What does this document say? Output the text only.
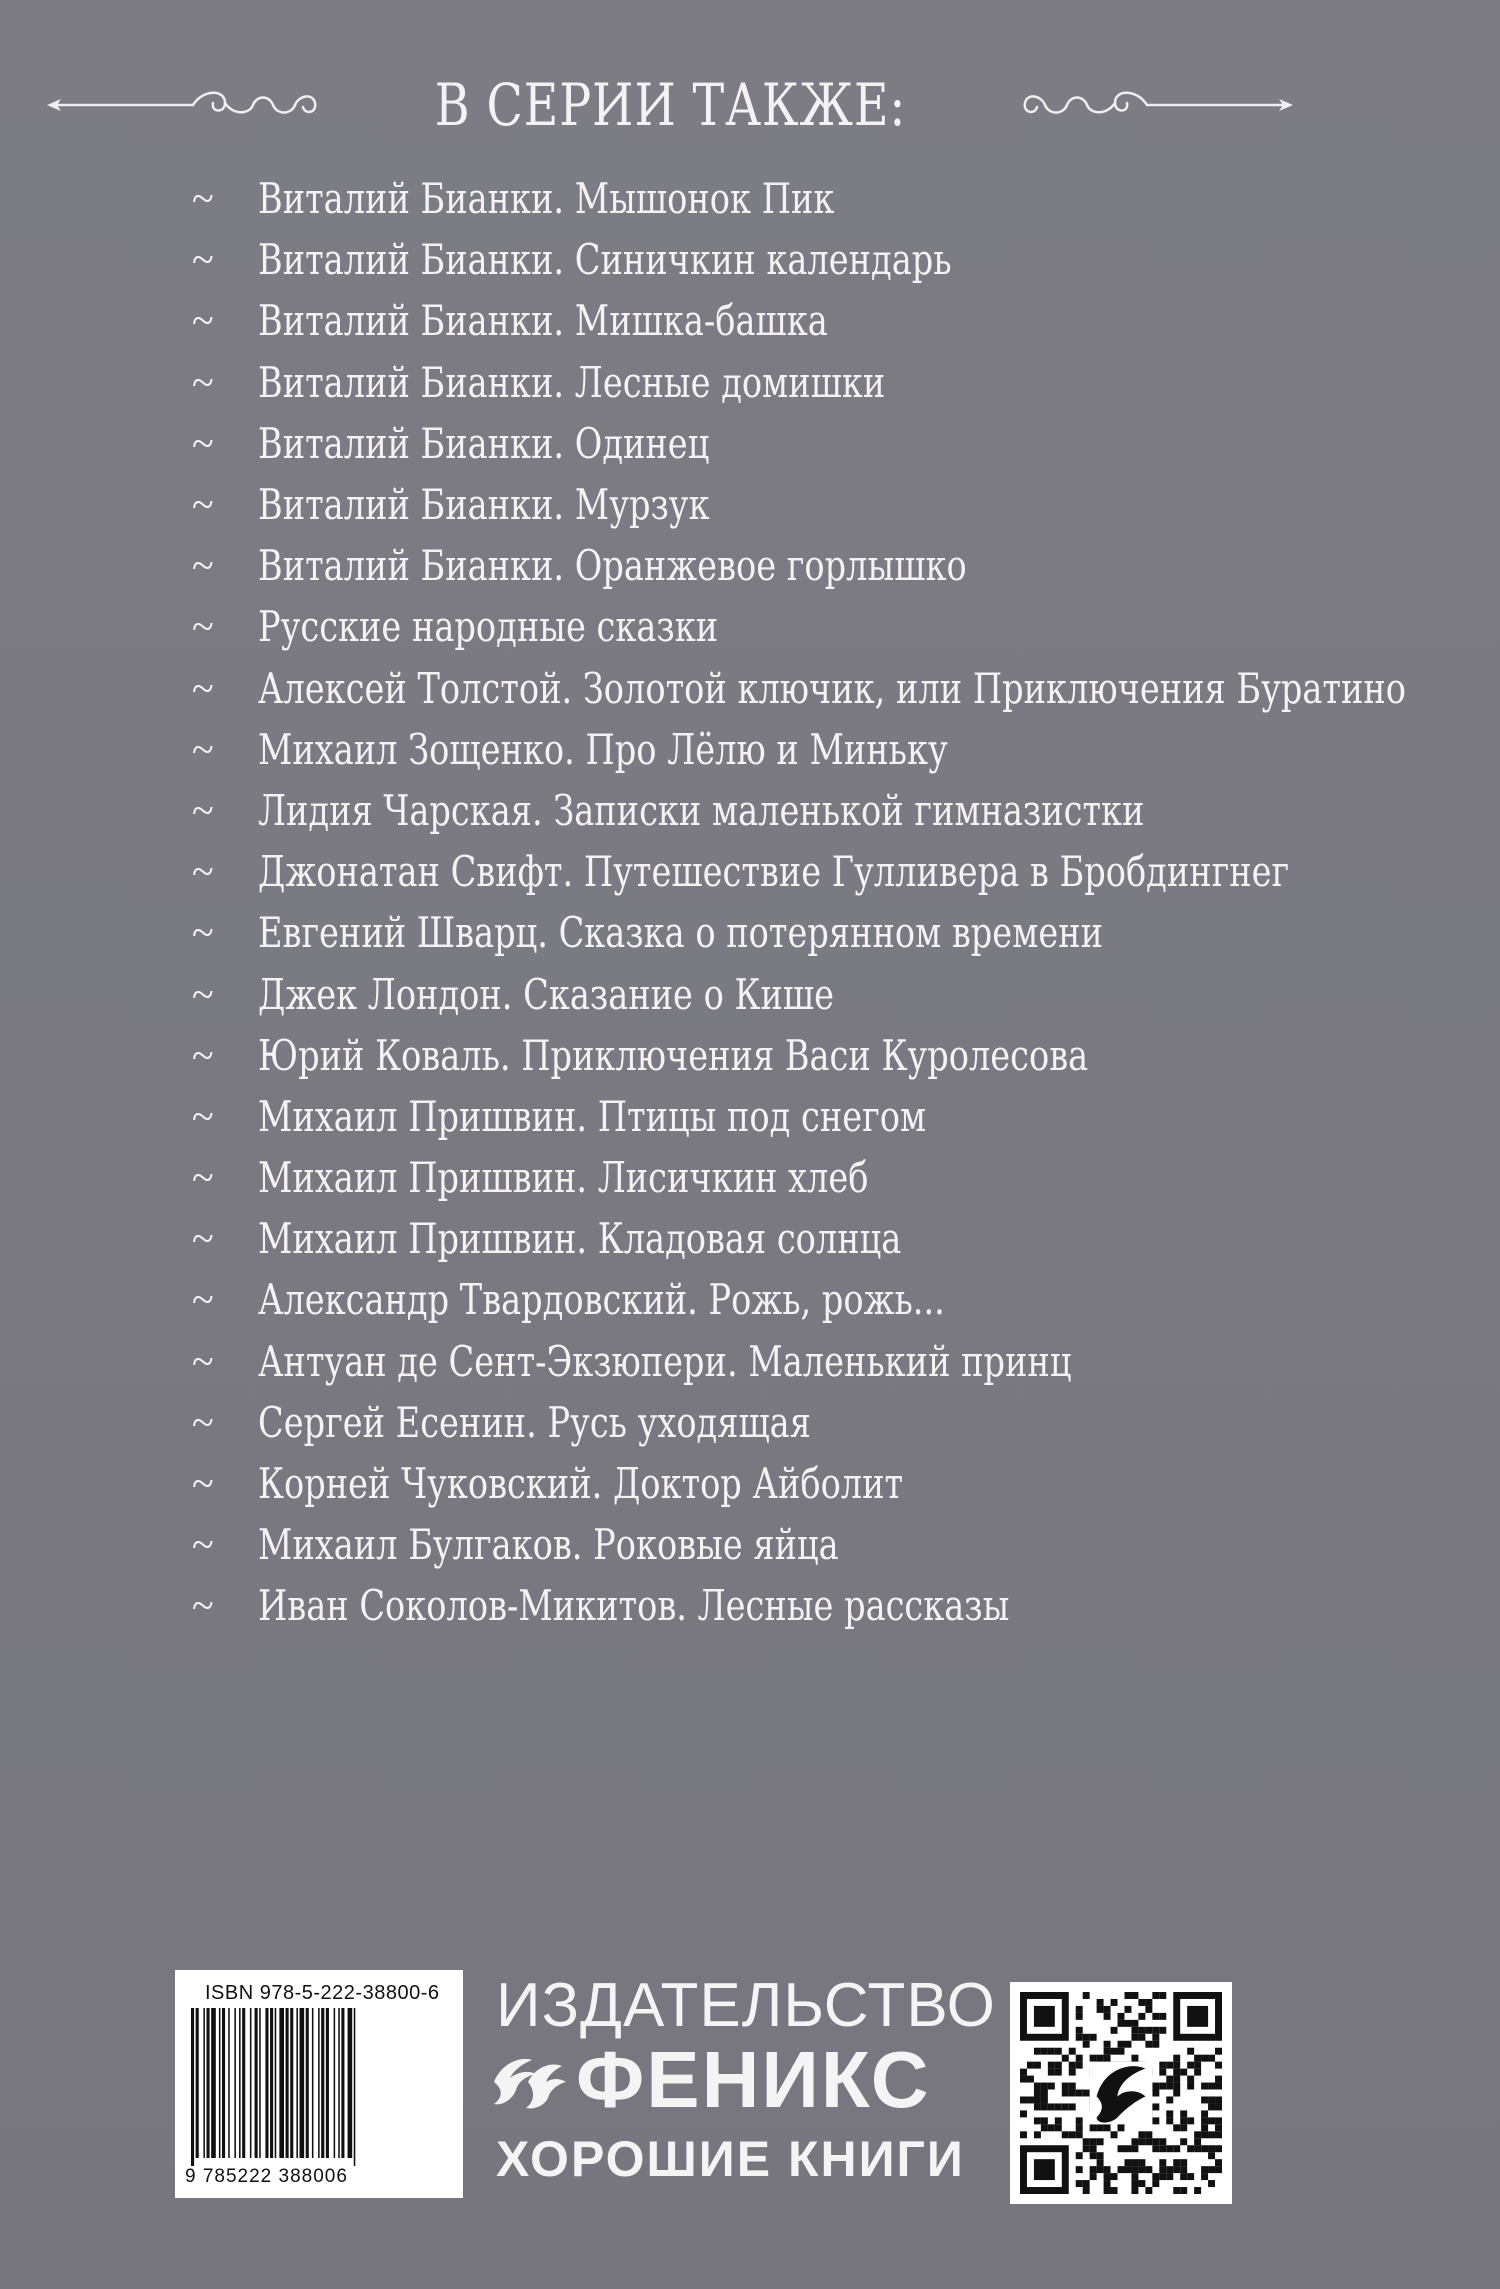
В СЕРИИ ТАКЖЕ:
~	Виталий Бианки. Мышонок Пик
~	Виталий Бианки. Синичкин календарь
~	Виталий Бианки. Мишка-башка
~	Виталий Бианки. Лесные домишки
~	Виталий Бианки. Одинец
~	Виталий Бианки. Мурзук
~	Виталий Бианки. Оранжевое горлышко
~	Русские народные сказки
~	Алексей Толстой. Золотой ключик, или Приключения Буратино
~	Михаил Зощенко. Про Лёлю и Миньку
~	Лидия Чарская. Записки маленькой гимназистки
~	Джонатан Свифт. Путешествие Гулливера в Бробдингнег
~	Евгений Шварц. Сказка о потерянном времени
~	Джек Лондон. Сказание о Кише
~	Юрий Коваль. Приключения Васи Куролесова
~	Михаил Пришвин. Птицы под снегом
~	Михаил Пришвин. Лисичкин хлеб
~	Михаил Пришвин. Кладовая солнца
~	Александр Твардовский. Рожь, рожь...
~	Антуан де Сент-Экзюпери. Маленький принц
~	Сергей Есенин. Русь уходящая
~	Корней Чуковский. Доктор Айболит
~	Михаил Булгаков. Роковые яйца
~	Иван Соколов-Микитов. Лесные рассказы
ISBN 978-5-222-38800-6
9 785222 388006
ИЗДАТЕЛЬСТВО
ФЕНИКС
ХОРОШИЕ КНИГИ
